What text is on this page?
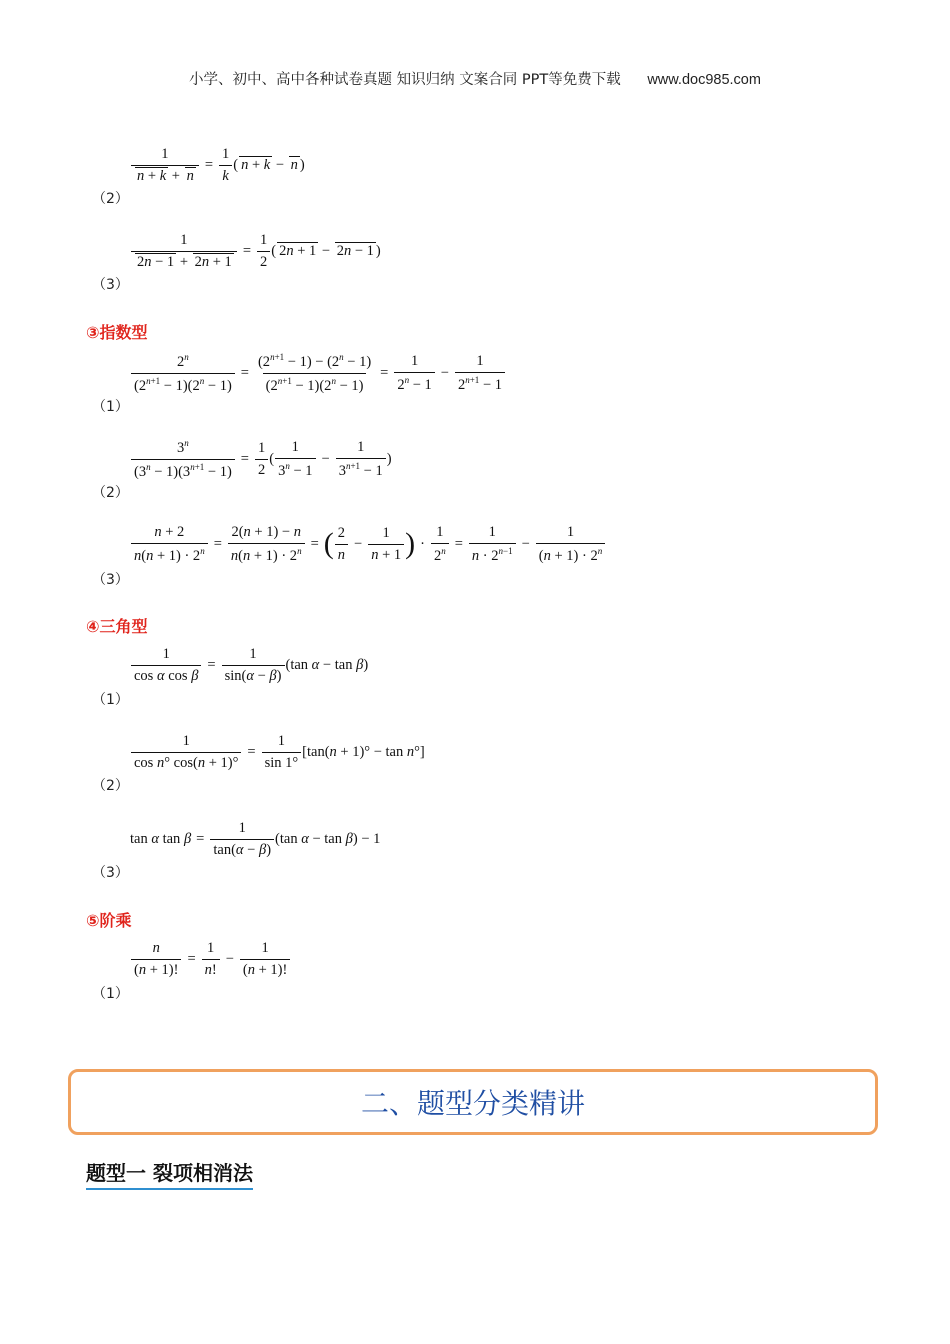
小学、初中、高中各种试卷真题 知识归纳 文案合同 PPT等免费下载 www.doc985.com
$\frac{1}{n + k + n} = \frac{1}{k}$ ( n + k − n )
（2）
$\frac{1}{2n - 1 + 2n + 1} = \frac{1}{2}$ ( 2n + 1 − 2n − 1 )
（3）
③指数型
$\frac{2^n}{(2^{n+1} - 1)(2^n - 1)} = \frac{(2^{n+1} - 1) - (2^n - 1)}{(2^{n+1} - 1)(2^n - 1)} = \frac{1}{2^n - 1} - \frac{1}{2^{n+1} - 1}$
（1）
$\frac{3^n}{(3^n - 1)(3^{n+1} - 1)} = \frac{1}{2}$ ( $\frac{1}{3^n - 1} - \frac{1}{3^{n+1} - 1}$ )
（2）
$\frac{n + 2}{n(n + 1) \cdot 2^n} = \frac{2(n + 1) - n}{n(n + 1) \cdot 2^n}$ = ( $\frac{2}{n} - \frac{1}{n + 1}$ ) · $\frac{1}{2^n} = \frac{1}{n \cdot 2^{n-1}} - \frac{1}{(n + 1) \cdot 2^n}$
（3）
④三角型
$\frac{1}{\text{cos α cos β}} = \frac{1}{\sin(\alpha - \beta)} (\tan$ α − tan β)
（1）
$\frac{1}{\text{cos n° cos(n + 1)°}} = \frac{1}{\sin 1^\circ} [\tan(n + 1)^\circ - \tan n^\circ]$
（2）
tan α $\tan \beta = \frac{1}{\tan(\alpha - \beta)} (\tan$ α − tan β) − 1
（3）
⑤阶乘
$\frac{n}{(n + 1)!} = \frac{1}{n!} - \frac{1}{(n + 1)!}$
（1）
二、题型分类精讲
题型一 裂项相消法
